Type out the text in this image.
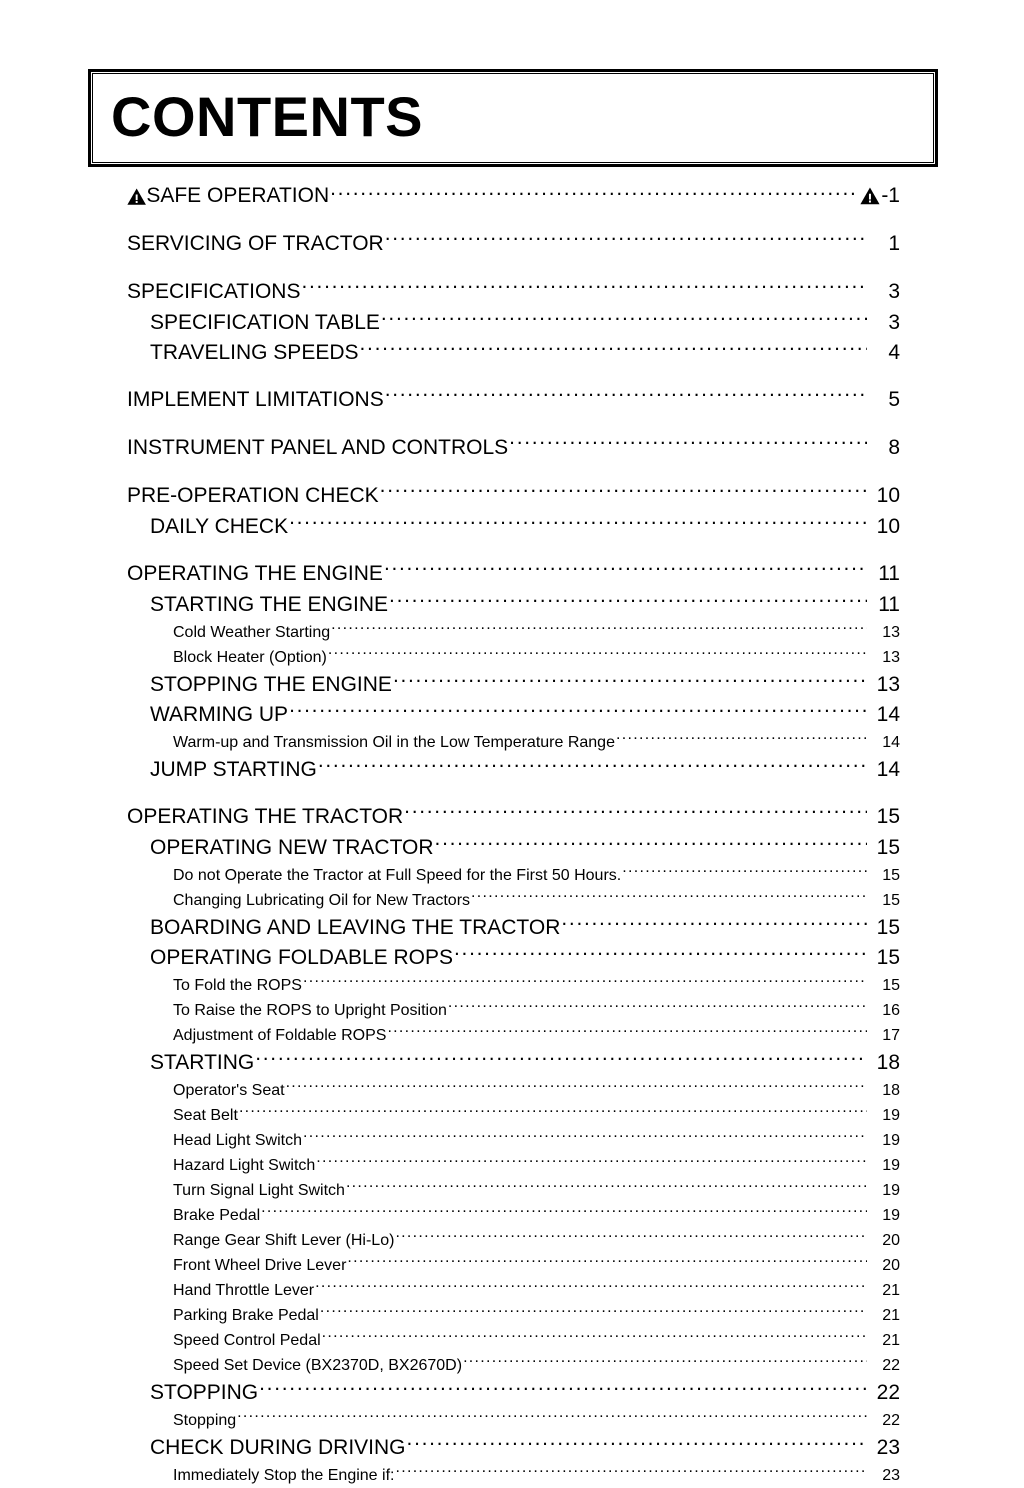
CONTENTS
SAFE OPERATION .....	-1
SERVICING OF TRACTOR .....	1
SPECIFICATIONS .....	3
SPECIFICATION TABLE .....	3
TRAVELING SPEEDS .....	4
IMPLEMENT LIMITATIONS .....	5
INSTRUMENT PANEL AND CONTROLS .....	8
PRE-OPERATION CHECK .....	10
DAILY CHECK .....	10
OPERATING THE ENGINE .....	11
STARTING THE ENGINE .....	11
Cold Weather Starting .....	13
Block Heater (Option) .....	13
STOPPING THE ENGINE .....	13
WARMING UP .....	14
Warm-up and Transmission Oil in the Low Temperature Range .....	14
JUMP STARTING .....	14
OPERATING THE TRACTOR .....	15
OPERATING NEW TRACTOR .....	15
Do not Operate the Tractor at Full Speed for the First 50 Hours. .....	15
Changing Lubricating Oil for New Tractors .....	15
BOARDING AND LEAVING THE TRACTOR .....	15
OPERATING FOLDABLE ROPS .....	15
To Fold the ROPS .....	15
To Raise the ROPS to Upright Position .....	16
Adjustment of Foldable ROPS .....	17
STARTING .....	18
Operator's Seat .....	18
Seat Belt .....	19
Head Light Switch .....	19
Hazard Light Switch .....	19
Turn Signal Light Switch .....	19
Brake Pedal .....	19
Range Gear Shift Lever (Hi-Lo) .....	20
Front Wheel Drive Lever .....	20
Hand Throttle Lever .....	21
Parking Brake Pedal .....	21
Speed Control Pedal .....	21
Speed Set Device (BX2370D, BX2670D) .....	22
STOPPING .....	22
Stopping .....	22
CHECK DURING DRIVING .....	23
Immediately Stop the Engine if: .....	23
